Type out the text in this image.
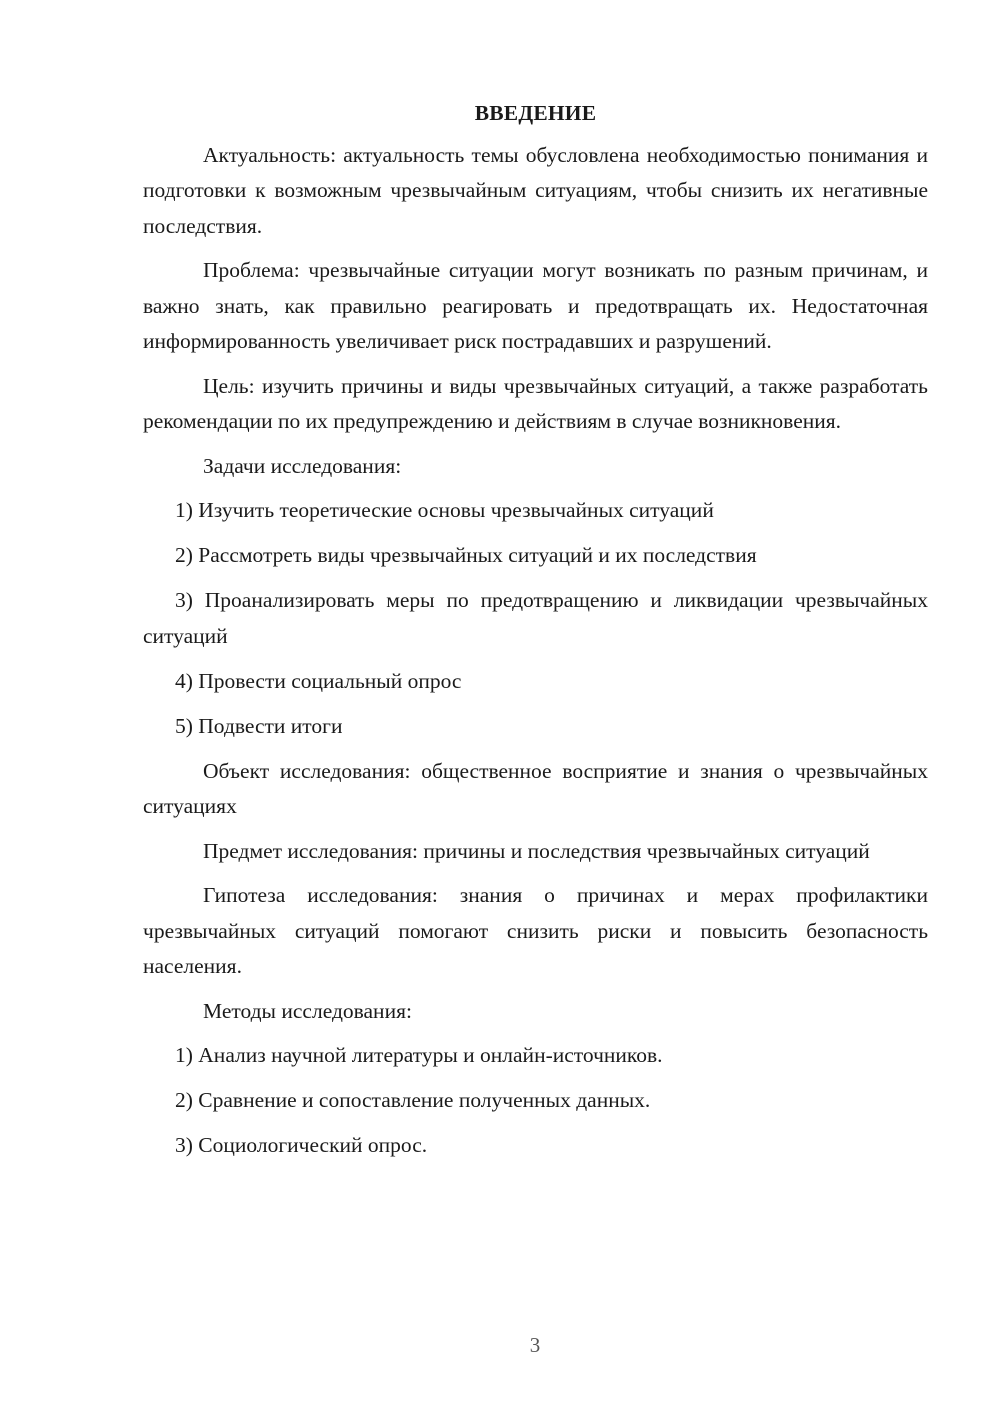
ВВЕДЕНИЕ

Актуальность: актуальность темы обусловлена необходимостью понимания и подготовки к возможным чрезвычайным ситуациям, чтобы снизить их негативные последствия.

Проблема: чрезвычайные ситуации могут возникать по разным причинам, и важно знать, как правильно реагировать и предотвращать их. Недостаточная информированность увеличивает риск пострадавших и разрушений.

Цель: изучить причины и виды чрезвычайных ситуаций, а также разработать рекомендации по их предупреждению и действиям в случае возникновения.

Задачи исследования:

1) Изучить теоретические основы чрезвычайных ситуаций

2) Рассмотреть виды чрезвычайных ситуаций и их последствия

3) Проанализировать меры по предотвращению и ликвидации чрезвычайных ситуаций

4) Провести социальный опрос

5) Подвести итоги

Объект исследования: общественное восприятие и знания о чрезвычайных ситуациях

Предмет исследования: причины и последствия чрезвычайных ситуаций

Гипотеза исследования: знания о причинах и мерах профилактики чрезвычайных ситуаций помогают снизить риски и повысить безопасность населения.

Методы исследования:

1) Анализ научной литературы и онлайн-источников.

2) Сравнение и сопоставление полученных данных.

3) Социологический опрос.

3
